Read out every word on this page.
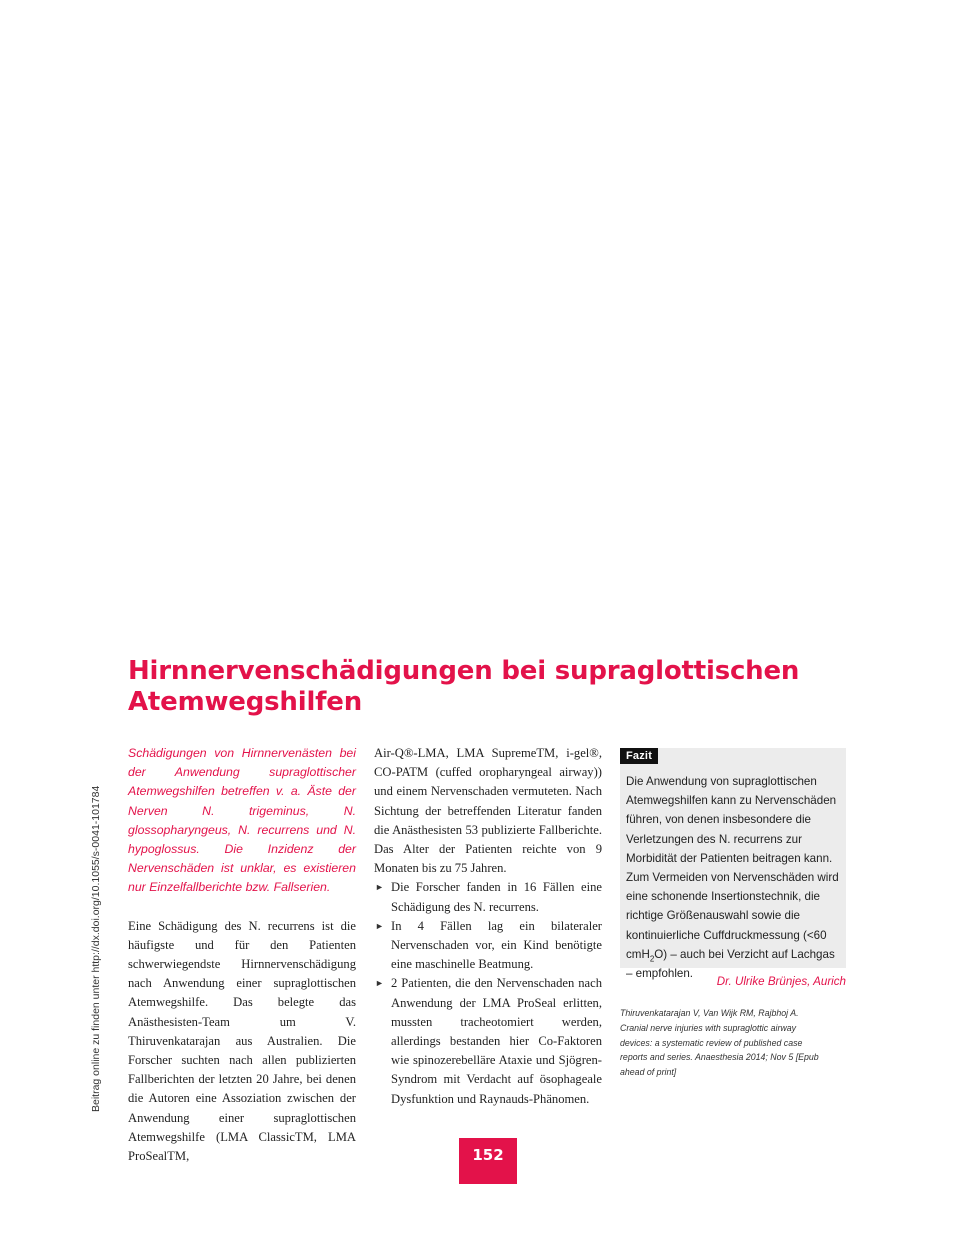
Beitrag online zu finden unter http://dx.doi.org/10.1055/s-0041-101784
Hirnnervenschädigungen bei supraglottischen Atemwegshilfen

Schädigungen von Hirnnervenästen bei der Anwendung supraglottischer Atemwegshilfen betreffen v. a. Äste der Nerven N. trigeminus, N. glossopharyngeus, N. recurrens und N. hypoglossus. Die Inzidenz der Nervenschäden ist unklar, es existieren nur Einzelfallberichte bzw. Fallserien.

Eine Schädigung des N. recurrens ist die häufigste und für den Patienten schwerwiegendste Hirnnervenschädigung nach Anwendung einer supraglottischen Atemwegshilfe. Das belegte das Anästhesisten-Team um V. Thiruvenkatarajan aus Australien. Die Forscher suchten nach allen publizierten Fallberichten der letzten 20 Jahre, bei denen die Autoren eine Assoziation zwischen der Anwendung einer supraglottischen Atemwegshilfe (LMA ClassicTM, LMA ProSealTM,

Air-Q®-LMA, LMA SupremeTM, i-gel®, CO-PATM (cuffed oropharyngeal airway)) und einem Nervenschaden vermuteten. Nach Sichtung der betreffenden Literatur fanden die Anästhesisten 53 publizierte Fallberichte. Das Alter der Patienten reichte von 9 Monaten bis zu 75 Jahren.

► Die Forscher fanden in 16 Fällen eine Schädigung des N. recurrens.
► In 4 Fällen lag ein bilateraler Nervenschaden vor, ein Kind benötigte eine maschinelle Beatmung.
► 2 Patienten, die den Nervenschaden nach Anwendung der LMA ProSeal erlitten, mussten tracheotomiert werden, allerdings bestanden hier Co-Faktoren wie spinozerebelläre Ataxie und Sjögren-Syndrom mit Verdacht auf ösophageale Dysfunktion und Raynauds-Phänomen.
Fazit

Die Anwendung von supraglottischen Atemwegshilfen kann zu Nervenschäden führen, von denen insbesondere die Verletzungen des N. recurrens zur Morbidität der Patienten beitragen kann. Zum Vermeiden von Nervenschäden wird eine schonende Insertionstechnik, die richtige Größenauswahl sowie die kontinuierliche Cuffdruckmessung (<60 cmH$_2$O) – auch bei Verzicht auf Lachgas – empfohlen.

Dr. Ulrike Brünjes, Aurich

Thiruvenkatarajan V, Van Wijk RM, Rajbhoj A. Cranial nerve injuries with supraglottic airway devices: a systematic review of published case reports and series. Anaesthesia 2014; Nov 5 [Epub ahead of print]

152
